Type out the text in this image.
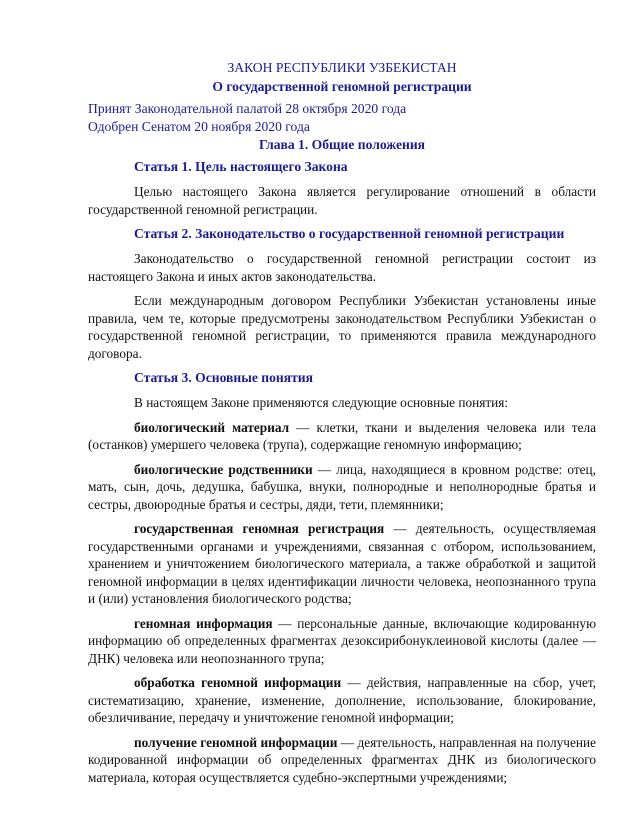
ЗАКОН РЕСПУБЛИКИ УЗБЕКИСТАН
О государственной геномной регистрации
Принят Законодательной палатой 28 октября 2020 года
Одобрен Сенатом 20 ноября 2020 года
Глава 1. Общие положения
Статья 1. Цель настоящего Закона

Целью настоящего Закона является регулирование отношений в области государственной геномной регистрации.

Статья 2. Законодательство о государственной геномной регистрации

Законодательство о государственной геномной регистрации состоит из настоящего Закона и иных актов законодательства.

Если международным договором Республики Узбекистан установлены иные правила, чем те, которые предусмотрены законодательством Республики Узбекистан о государственной геномной регистрации, то применяются правила международного договора.

Статья 3. Основные понятия

В настоящем Законе применяются следующие основные понятия:

биологический материал — клетки, ткани и выделения человека или тела (останков) умершего человека (трупа), содержащие геномную информацию;

биологические родственники — лица, находящиеся в кровном родстве: отец, мать, сын, дочь, дедушка, бабушка, внуки, полнородные и неполнородные братья и сестры, двоюродные братья и сестры, дяди, тети, племянники;

государственная геномная регистрация — деятельность, осуществляемая государственными органами и учреждениями, связанная с отбором, использованием, хранением и уничтожением биологического материала, а также обработкой и защитой геномной информации в целях идентификации личности человека, неопознанного трупа и (или) установления биологического родства;

геномная информация — персональные данные, включающие кодированную информацию об определенных фрагментах дезоксирибонуклеиновой кислоты (далее — ДНК) человека или неопознанного трупа;

обработка геномной информации — действия, направленные на сбор, учет, систематизацию, хранение, изменение, дополнение, использование, блокирование, обезличивание, передачу и уничтожение геномной информации;

получение геномной информации — деятельность, направленная на получение кодированной информации об определенных фрагментах ДНК из биологического материала, которая осуществляется судебно-экспертными учреждениями;
